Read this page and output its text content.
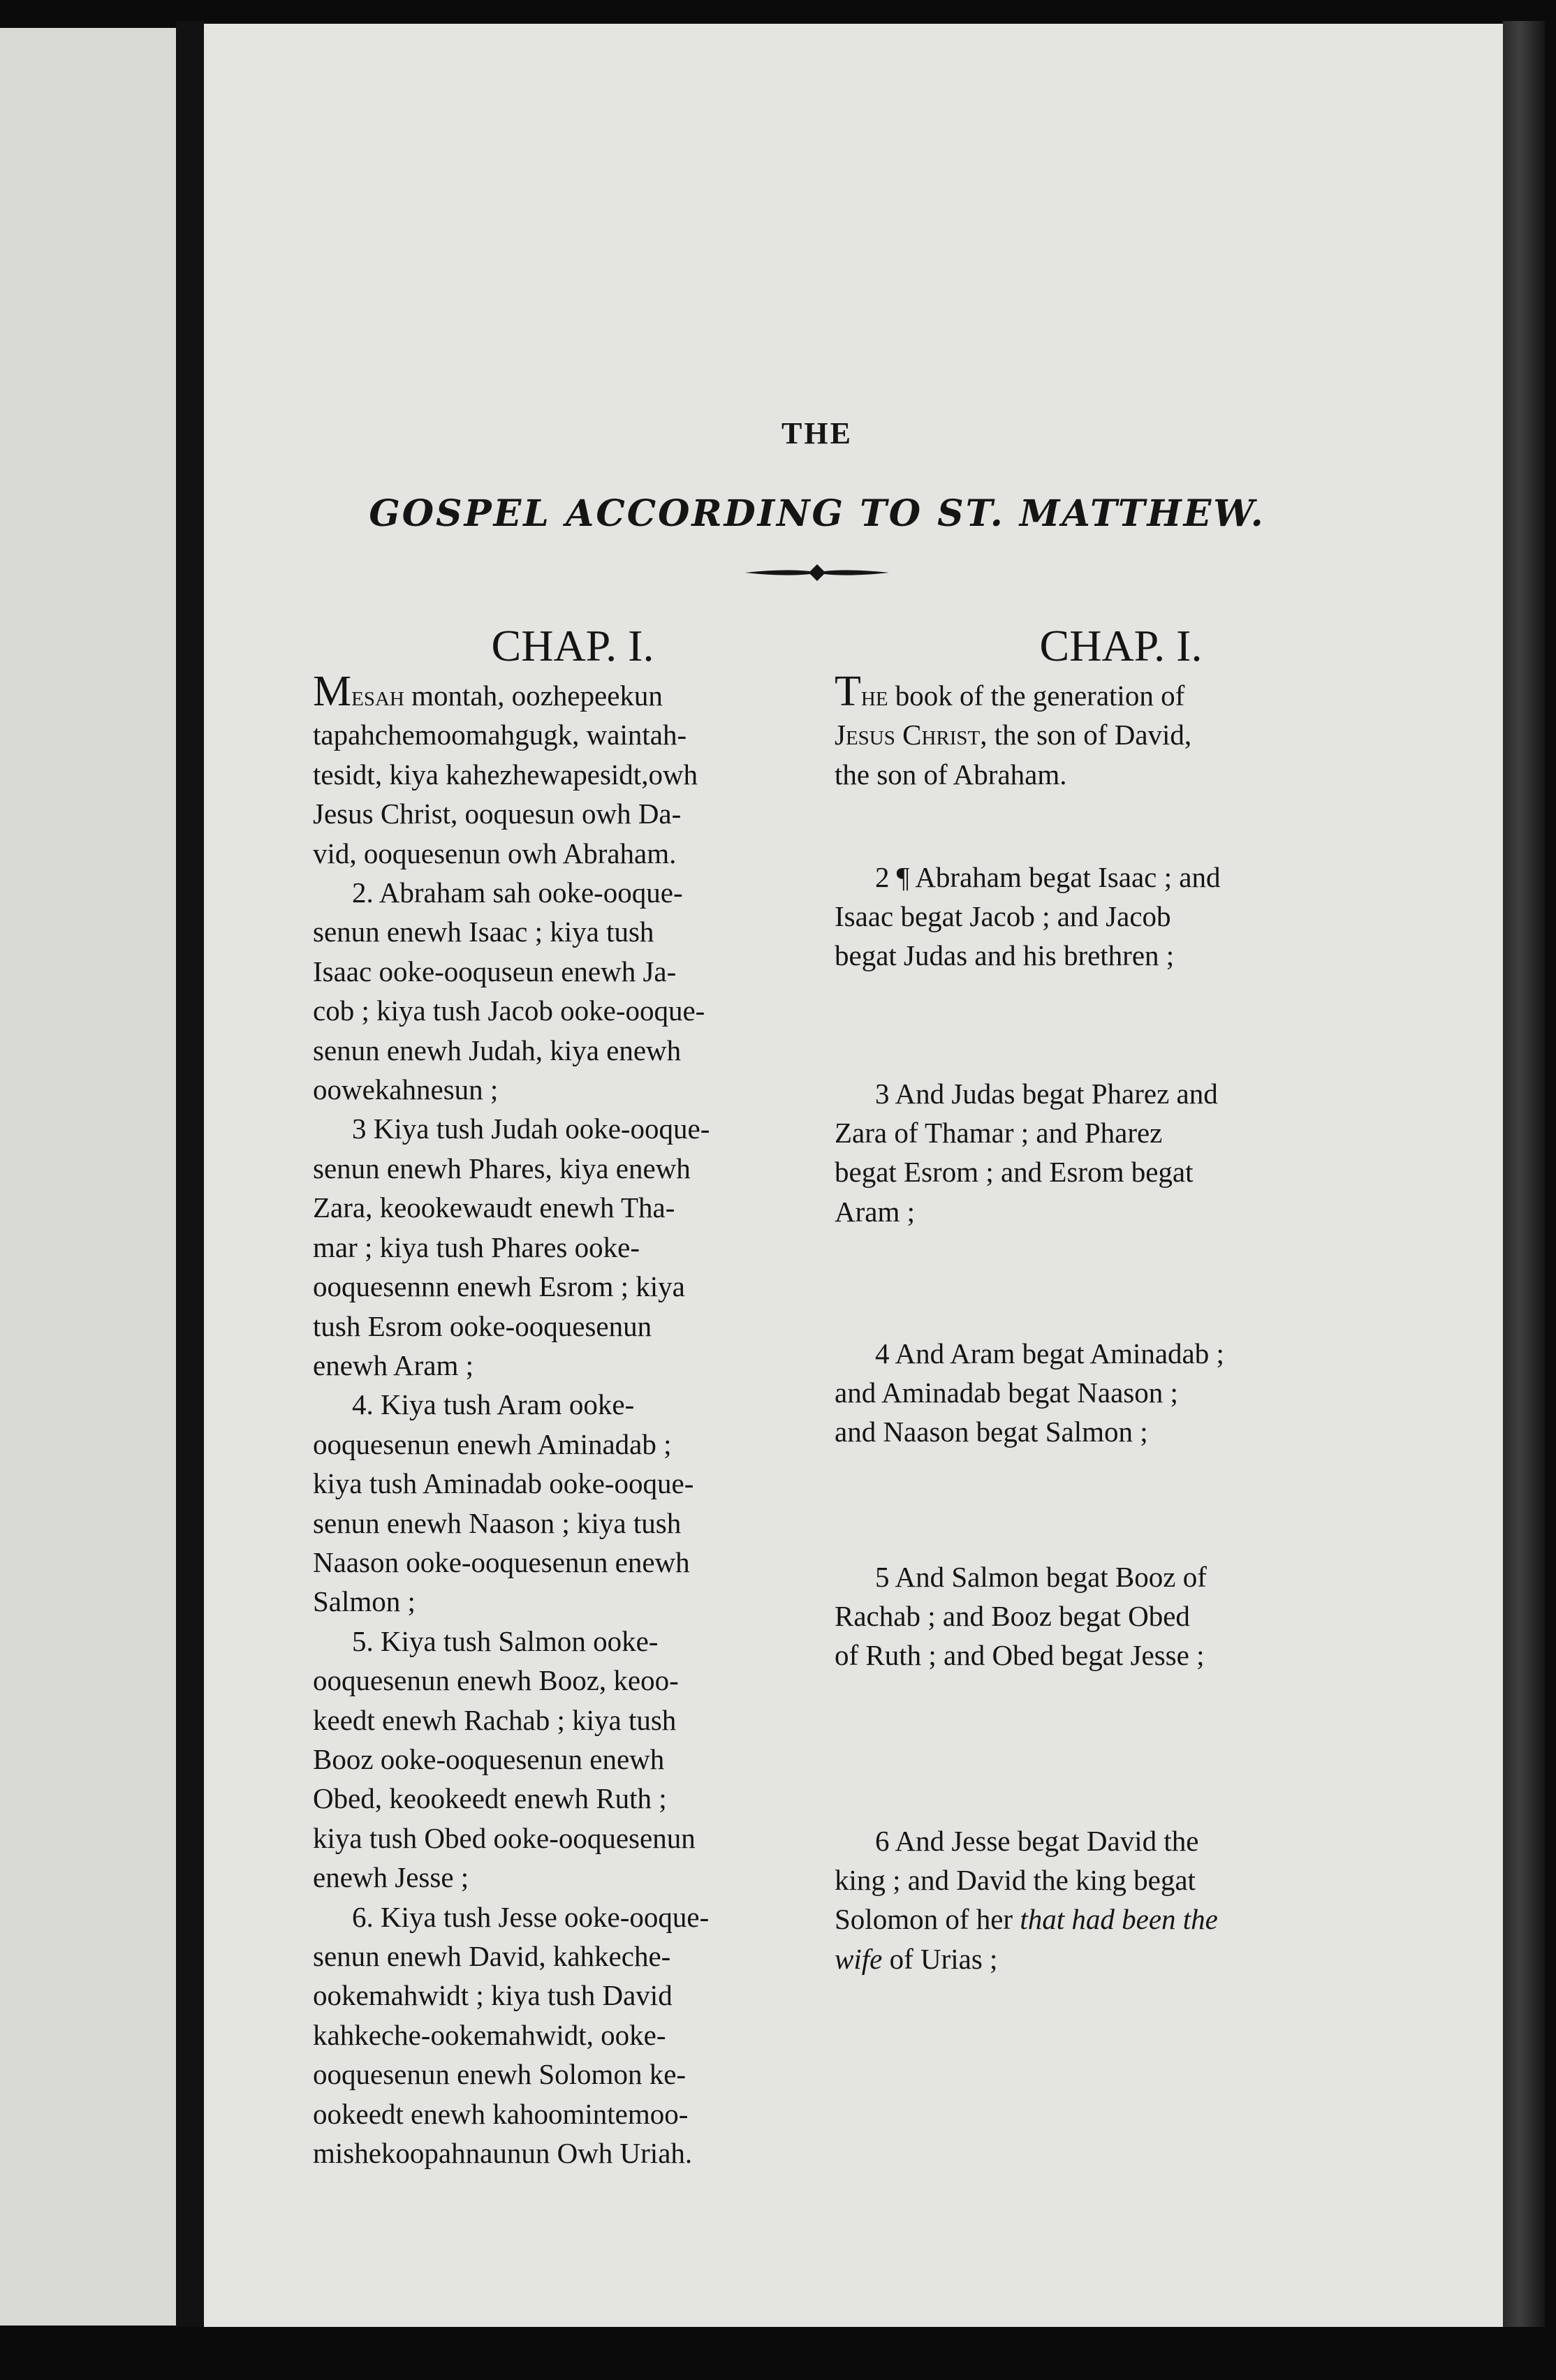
THE
GOSPEL ACCORDING TO ST. MATTHEW.
CHAP. I.
Mesah montah, oozhepeekun
tapahchemoomahgugk, waintah-
tesidt, kiya kahezhewapesidt,owh
Jesus Christ, ooquesun owh Da-
vid, ooquesenun owh Abraham.
2. Abraham sah ooke-ooque-
senun enewh Isaac ; kiya tush
Isaac ooke-ooquseun enewh Ja-
cob ; kiya tush Jacob ooke-ooque-
senun enewh Judah, kiya enewh
oowekahnesun ;
3 Kiya tush Judah ooke-ooque-
senun enewh Phares, kiya enewh
Zara, keookewaudt enewh Tha-
mar ; kiya tush Phares ooke-
ooquesennn enewh Esrom ; kiya
tush Esrom ooke-ooquesenun
enewh Aram ;
4. Kiya tush Aram ooke-
ooquesenun enewh Aminadab ;
kiya tush Aminadab ooke-ooque-
senun enewh Naason ; kiya tush
Naason ooke-ooquesenun enewh
Salmon ;
5. Kiya tush Salmon ooke-
ooquesenun enewh Booz, keoo-
keedt enewh Rachab ; kiya tush
Booz ooke-ooquesenun enewh
Obed, keookeedt enewh Ruth ;
kiya tush Obed ooke-ooquesenun
enewh Jesse ;
6. Kiya tush Jesse ooke-ooque-
senun enewh David, kahkeche-
ookemahwidt ; kiya tush David
kahkeche-ookemahwidt, ooke-
ooquesenun enewh Solomon ke-
ookeedt enewh kahoomintemoo-
mishekoopahnaunun Owh Uriah.
CHAP. I.
The book of the generation of
Jesus Christ, the son of David,
the son of Abraham.
2 ¶ Abraham begat Isaac ; and
Isaac begat Jacob ; and Jacob
begat Judas and his brethren ;
3 And Judas begat Pharez and
Zara of Thamar ; and Pharez
begat Esrom ; and Esrom begat
Aram ;
4 And Aram begat Aminadab ;
and Aminadab begat Naason ;
and Naason begat Salmon ;
5 And Salmon begat Booz of
Rachab ; and Booz begat Obed
of Ruth ; and Obed begat Jesse ;
6 And Jesse begat David the
king ; and David the king begat
Solomon of her that had been the
wife of Urias ;
